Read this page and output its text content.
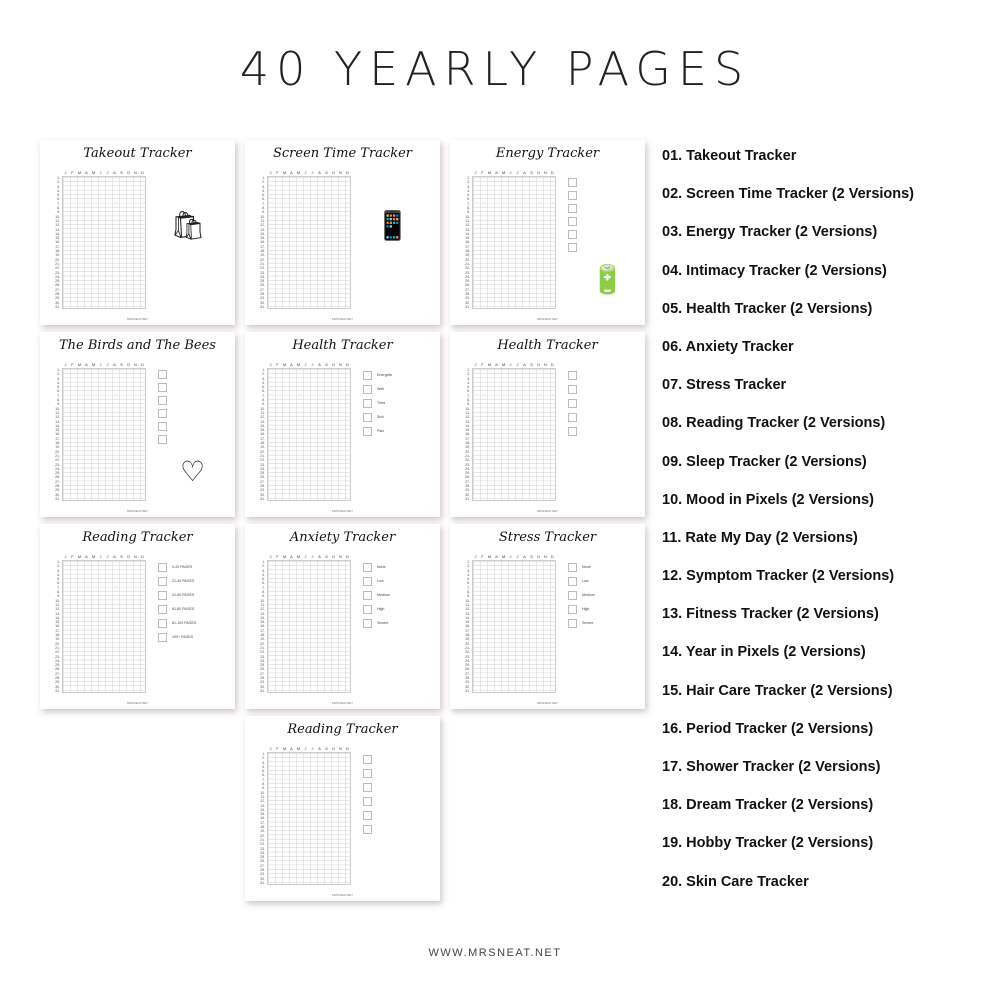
40 YEARLY PAGES
Takeout Tracker
J	F	M A	M	J	J	A	S	O N	D
1.
2.
3.
4.
5.
6.
7.
8.
9.
10.
11.
12.
13.
14.
15.
16.
17.
18.
19.
20.
21.
22.
23.
24.
25.
26.
27.
28.
29.
30.
31.
🛍
MRSNEAT.NET
Screen Time Tracker
J	F	M A	M	J	J	A	S	O N	D
1.
2.
3.
4.
5.
6.
7.
8.
9.
10.
11.
12.
13.
14.
15.
16.
17.
18.
19.
20.
21.
22.
23.
24.
25.
26.
27.
28.
29.
30.
31.
📱
MRSNEAT.NET
Energy Tracker
J	F	M A	M	J	J	A	S	O N	D
1.
2.
3.
4.
5.
6.
7.
8.
9.
10.
11.
12.
13.
14.
15.
16.
17.
18.
19.
20.
21.
22.
23.
24.
25.
26.
27.
28.
29.
30.
31.
🔋
MRSNEAT.NET
The Birds and The Bees
J	F	M A	M	J	J	A	S	O N	D
1.
2.
3.
4.
5.
6.
7.
8.
9.
10.
11.
12.
13.
14.
15.
16.
17.
18.
19.
20.
21.
22.
23.
24.
25.
26.
27.
28.
29.
30.
31.
♡
MRSNEAT.NET
Health Tracker
J	F	M A	M	J	J	A	S	O N	D
1.
2.
3.
4.
5.
6.
7.
8.
9.
10.
11.
12.
13.
14.
15.
16.
17.
18.
19.
20.
21.
22.
23.
24.
25.
26.
27.
28.
29.
30.
31.
Energetic
Well
Tired
Sick
Pain
MRSNEAT.NET
Health Tracker
J	F	M A	M	J	J	A	S	O N	D
1.
2.
3.
4.
5.
6.
7.
8.
9.
10.
11.
12.
13.
14.
15.
16.
17.
18.
19.
20.
21.
22.
23.
24.
25.
26.
27.
28.
29.
30.
31.
MRSNEAT.NET
Reading Tracker
J	F	M A	M	J	J	A	S	O N	D
1.
2.
3.
4.
5.
6.
7.
8.
9.
10.
11.
12.
13.
14.
15.
16.
17.
18.
19.
20.
21.
22.
23.
24.
25.
26.
27.
28.
29.
30.
31.
0-20 PAGES
21-40 PAGES
41-60 PAGES
61-80 PAGES
81-100 PAGES
100+ PAGES
MRSNEAT.NET
Anxiety Tracker
J	F	M A	M	J	J	A	S	O N	D
1.
2.
3.
4.
5.
6.
7.
8.
9.
10.
11.
12.
13.
14.
15.
16.
17.
18.
19.
20.
21.
22.
23.
24.
25.
26.
27.
28.
29.
30.
31.
None
Low
Medium
High
Severe
MRSNEAT.NET
Stress Tracker
J	F	M A	M	J	J	A	S	O N	D
1.
2.
3.
4.
5.
6.
7.
8.
9.
10.
11.
12.
13.
14.
15.
16.
17.
18.
19.
20.
21.
22.
23.
24.
25.
26.
27.
28.
29.
30.
31.
None
Low
Medium
High
Severe
MRSNEAT.NET
Reading Tracker
J	F	M A	M	J	J	A	S	O N	D
1.
2.
3.
4.
5.
6.
7.
8.
9.
10.
11.
12.
13.
14.
15.
16.
17.
18.
19.
20.
21.
22.
23.
24.
25.
26.
27.
28.
29.
30.
31.
MRSNEAT.NET
01. Takeout Tracker
02. Screen Time Tracker (2 Versions)
03. Energy Tracker (2 Versions)
04. Intimacy Tracker (2 Versions)
05. Health Tracker (2 Versions)
06. Anxiety Tracker
07. Stress Tracker
08. Reading Tracker (2 Versions)
09. Sleep Tracker (2 Versions)
10. Mood in Pixels (2 Versions)
11. Rate My Day (2 Versions)
12. Symptom Tracker (2 Versions)
13. Fitness Tracker (2 Versions)
14. Year in Pixels (2 Versions)
15. Hair Care Tracker (2 Versions)
16. Period Tracker (2 Versions)
17. Shower Tracker (2 Versions)
18. Dream Tracker (2 Versions)
19. Hobby Tracker (2 Versions)
20. Skin Care Tracker
WWW.MRSNEAT.NET
